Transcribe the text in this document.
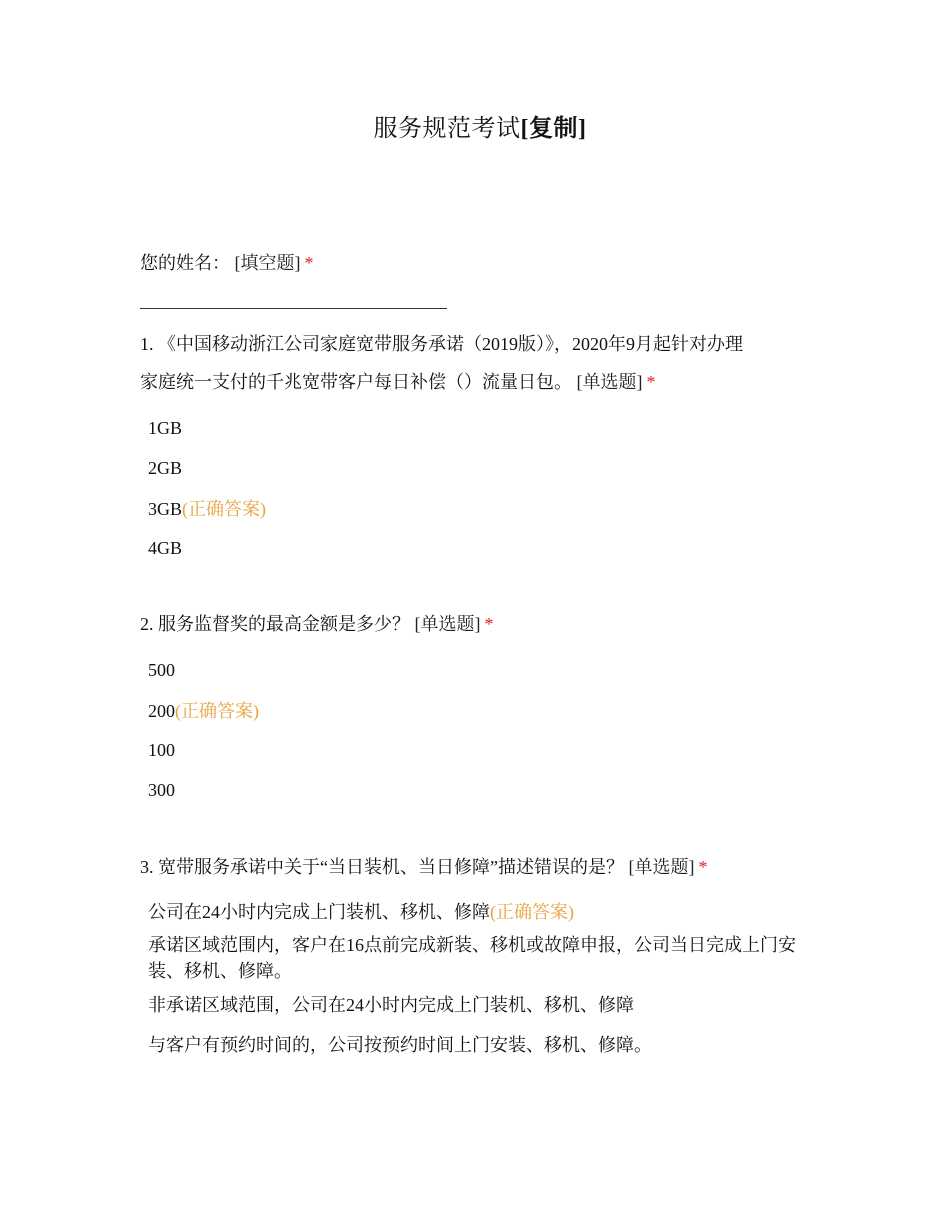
服务规范考试[复制]
您的姓名： [填空题] *
1. 《中国移动浙江公司家庭宽带服务承诺（2019版）》，2020年9月起针对办理
家庭统一支付的千兆宽带客户每日补偿（）流量日包。 [单选题] *
1GB
2GB
3GB(正确答案)
4GB
2. 服务监督奖的最高金额是多少？ [单选题] *
500
200(正确答案)
100
300
3. 宽带服务承诺中关于“当日装机、当日修障”描述错误的是？ [单选题] *
公司在24小时内完成上门装机、移机、修障(正确答案)
承诺区域范围内，客户在16点前完成新装、移机或故障申报，公司当日完成上门安装、移机、修障。
非承诺区域范围，公司在24小时内完成上门装机、移机、修障
与客户有预约时间的，公司按预约时间上门安装、移机、修障。
